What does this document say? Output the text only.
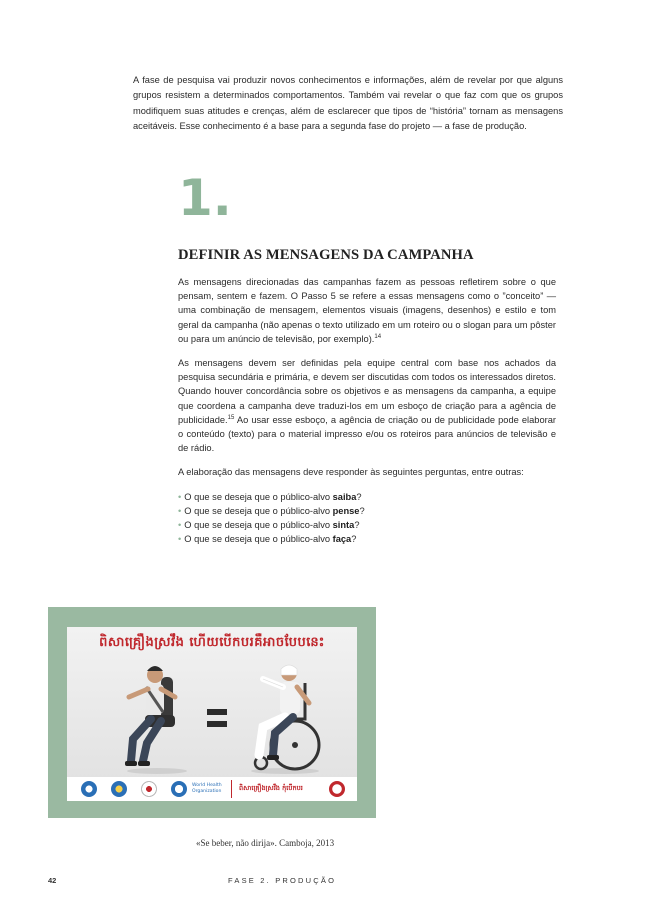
A fase de pesquisa vai produzir novos conhecimentos e informações, além de revelar por que alguns grupos resistem a determinados comportamentos. Também vai revelar o que faz com que os grupos modifiquem suas atitudes e crenças, além de esclarecer que tipos de “história” tornam as mensagens aceitáveis. Esse conhecimento é a base para a segunda fase do projeto — a fase de produção.

1.
DEFINIR AS MENSAGENS DA CAMPANHA

As mensagens direcionadas das campanhas fazem as pessoas refletirem sobre o que pensam, sentem e fazem. O Passo 5 se refere a essas mensagens como o ”conceito” — uma combinação de mensagem, elementos visuais (imagens, desenhos) e estilo e tom geral da campanha (não apenas o texto utilizado em um roteiro ou o slogan para um pôster ou para um anúncio de televisão, por exemplo).$^{14}$

As mensagens devem ser definidas pela equipe central com base nos achados da pesquisa secundária e primária, e devem ser discutidas com todos os interessados diretos. Quando houver concordância sobre os objetivos e as mensagens da campanha, a equipe que coordena a campanha deve traduzi-los em um esboço de criação para a agência de publicidade.$^{15}$ Ao usar esse esboço, a agência de criação ou de publicidade pode elaborar o conteúdo (texto) para o material impresso e/ou os roteiros para anúncios de televisão e de rádio.

A elaboração das mensagens deve responder às seguintes perguntas, entre outras:

• O que se deseja que o público-alvo saiba?
• O que se deseja que o público-alvo pense?
• O que se deseja que o público-alvo sinta?
• O que se deseja que o público-alvo faça?
ពិសាគ្រឿងស្រវឹង ហើយបើកបរគឺអាចបែបនេះ
World Health
Organization	ពិសាគ្រឿងស្រវឹង កុំបើកបរ

«Se beber, não dirija». Camboja, 2013

42	FASE 2. PRODUÇÃO
